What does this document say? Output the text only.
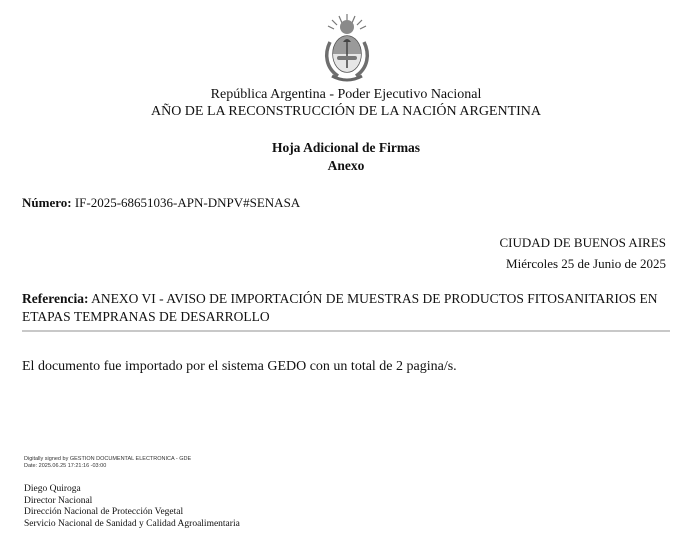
República Argentina - Poder Ejecutivo Nacional
AÑO DE LA RECONSTRUCCIÓN DE LA NACIÓN ARGENTINA
Hoja Adicional de Firmas
Anexo
Número: IF-2025-68651036-APN-DNPV#SENASA
CIUDAD DE BUENOS AIRES
Miércoles 25 de Junio de 2025
Referencia: ANEXO VI - AVISO DE IMPORTACIÓN DE MUESTRAS DE PRODUCTOS FITOSANITARIOS EN ETAPAS TEMPRANAS DE DESARROLLO
El documento fue importado por el sistema GEDO con un total de 2 pagina/s.
Digitally signed by GESTION DOCUMENTAL ELECTRONICA - GDE
Date: 2025.06.25 17:21:16 -03:00
Diego Quiroga
Director Nacional
Dirección Nacional de Protección Vegetal
Servicio Nacional de Sanidad y Calidad Agroalimentaria
